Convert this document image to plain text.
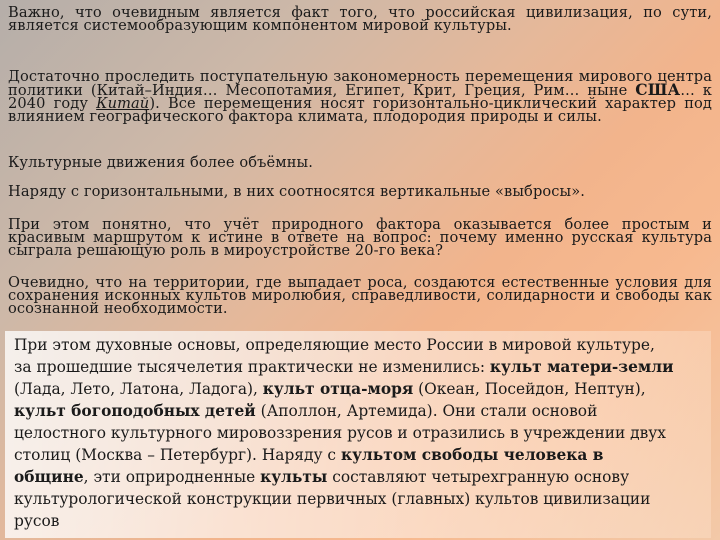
Важно, что очевидным является факт того, что российская цивилизация, по сути, является системообразующим компонентом мировой культуры.
Достаточно проследить поступательную закономерность перемещения мирового центра политики (Китай–Индия… Месопотамия, Египет, Крит, Греция, Рим… ныне США… к 2040 году Китай). Все перемещения носят горизонтально-циклический характер под влиянием географического фактора климата, плодородия природы и силы.
Культурные движения более объёмны.
Наряду с горизонтальными, в них соотносятся вертикальные «выбросы».
При этом понятно, что учёт природного фактора оказывается более простым и красивым маршрутом к истине в ответе на вопрос: почему именно русская культура сыграла решающую роль в мироустройстве 20-го века?
Очевидно, что на территории, где выпадает роса, создаются естественные условия для сохранения исконных культов миролюбия, справедливости, солидарности и свободы как осознанной необходимости.
При этом духовные основы, определяющие место России в мировой культуре, за прошедшие тысячелетия практически не изменились: культ матери-земли (Лада, Лето, Латона, Ладога), культ отца-моря (Океан, Посейдон, Нептун), культ богоподобных детей (Аполлон, Артемида). Они стали основой целостного культурного мировоззрения русов и отразились в учреждении двух столиц (Москва – Петербург). Наряду с культом свободы человека в общине, эти оприродненные культы составляют четырехгранную основу культурологической конструкции первичных (главных) культов цивилизации русов
